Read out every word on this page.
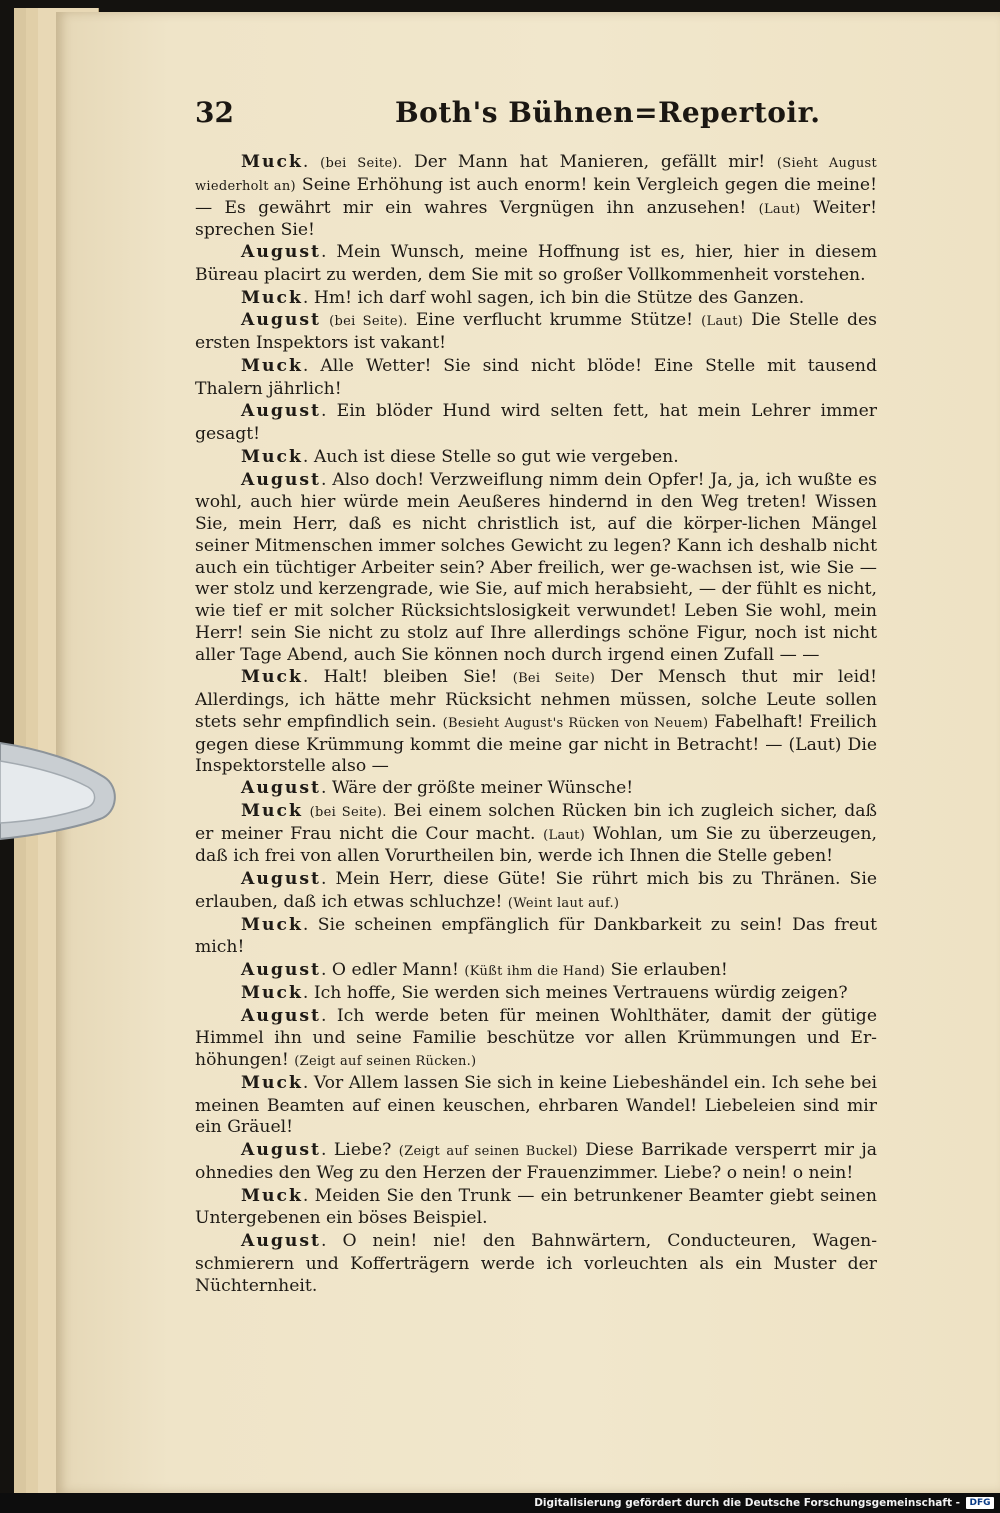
32	Both's Bühnen=Repertoir.

Muck. (bei Seite). Der Mann hat Manieren, gefällt mir! (Sieht August wiederholt an) Seine Erhöhung ist auch enorm! kein Vergleich gegen die meine! — Es gewährt mir ein wahres Vergnügen ihn anzusehen! (Laut) Weiter! sprechen Sie!

August. Mein Wunsch, meine Hoffnung ist es, hier, hier in diesem Büreau placirt zu werden, dem Sie mit so großer Vollkommenheit vorstehen.

Muck. Hm! ich darf wohl sagen, ich bin die Stütze des Ganzen.

August (bei Seite). Eine verflucht krumme Stütze! (Laut) Die Stelle des ersten Inspektors ist vakant!

Muck. Alle Wetter! Sie sind nicht blöde! Eine Stelle mit tausend Thalern jährlich!

August. Ein blöder Hund wird selten fett, hat mein Lehrer immer gesagt!

Muck. Auch ist diese Stelle so gut wie vergeben.

August. Also doch! Verzweiflung nimm dein Opfer! Ja, ja, ich wußte es wohl, auch hier würde mein Aeußeres hindernd in den Weg treten! Wissen Sie, mein Herr, daß es nicht christlich ist, auf die körper-lichen Mängel seiner Mitmenschen immer solches Gewicht zu legen? Kann ich deshalb nicht auch ein tüchtiger Arbeiter sein? Aber freilich, wer ge-wachsen ist, wie Sie — wer stolz und kerzengrade, wie Sie, auf mich herabsieht, — der fühlt es nicht, wie tief er mit solcher Rücksichtslosigkeit verwundet! Leben Sie wohl, mein Herr! sein Sie nicht zu stolz auf Ihre allerdings schöne Figur, noch ist nicht aller Tage Abend, auch Sie können noch durch irgend einen Zufall — —

Muck. Halt! bleiben Sie! (Bei Seite) Der Mensch thut mir leid! Allerdings, ich hätte mehr Rücksicht nehmen müssen, solche Leute sollen stets sehr empfindlich sein. (Besieht August's Rücken von Neuem) Fabelhaft! Freilich gegen diese Krümmung kommt die meine gar nicht in Betracht! — (Laut) Die Inspektorstelle also —

August. Wäre der größte meiner Wünsche!

Muck (bei Seite). Bei einem solchen Rücken bin ich zugleich sicher, daß er meiner Frau nicht die Cour macht. (Laut) Wohlan, um Sie zu überzeugen, daß ich frei von allen Vorurtheilen bin, werde ich Ihnen die Stelle geben!

August. Mein Herr, diese Güte! Sie rührt mich bis zu Thränen. Sie erlauben, daß ich etwas schluchze! (Weint laut auf.)

Muck. Sie scheinen empfänglich für Dankbarkeit zu sein! Das freut mich!

August. O edler Mann! (Küßt ihm die Hand) Sie erlauben!

Muck. Ich hoffe, Sie werden sich meines Vertrauens würdig zeigen?

August. Ich werde beten für meinen Wohlthäter, damit der gütige Himmel ihn und seine Familie beschütze vor allen Krümmungen und Er-höhungen! (Zeigt auf seinen Rücken.)

Muck. Vor Allem lassen Sie sich in keine Liebeshändel ein. Ich sehe bei meinen Beamten auf einen keuschen, ehrbaren Wandel! Liebeleien sind mir ein Gräuel!

August. Liebe? (Zeigt auf seinen Buckel) Diese Barrikade versperrt mir ja ohnedies den Weg zu den Herzen der Frauenzimmer. Liebe? o nein! o nein!

Muck. Meiden Sie den Trunk — ein betrunkener Beamter giebt seinen Untergebenen ein böses Beispiel.

August. O nein! nie! den Bahnwärtern, Conducteuren, Wagen-schmierern und Kofferträgern werde ich vorleuchten als ein Muster der Nüchternheit.

Digitalisierung gefördert durch die Deutsche Forschungsgemeinschaft -	DFG
